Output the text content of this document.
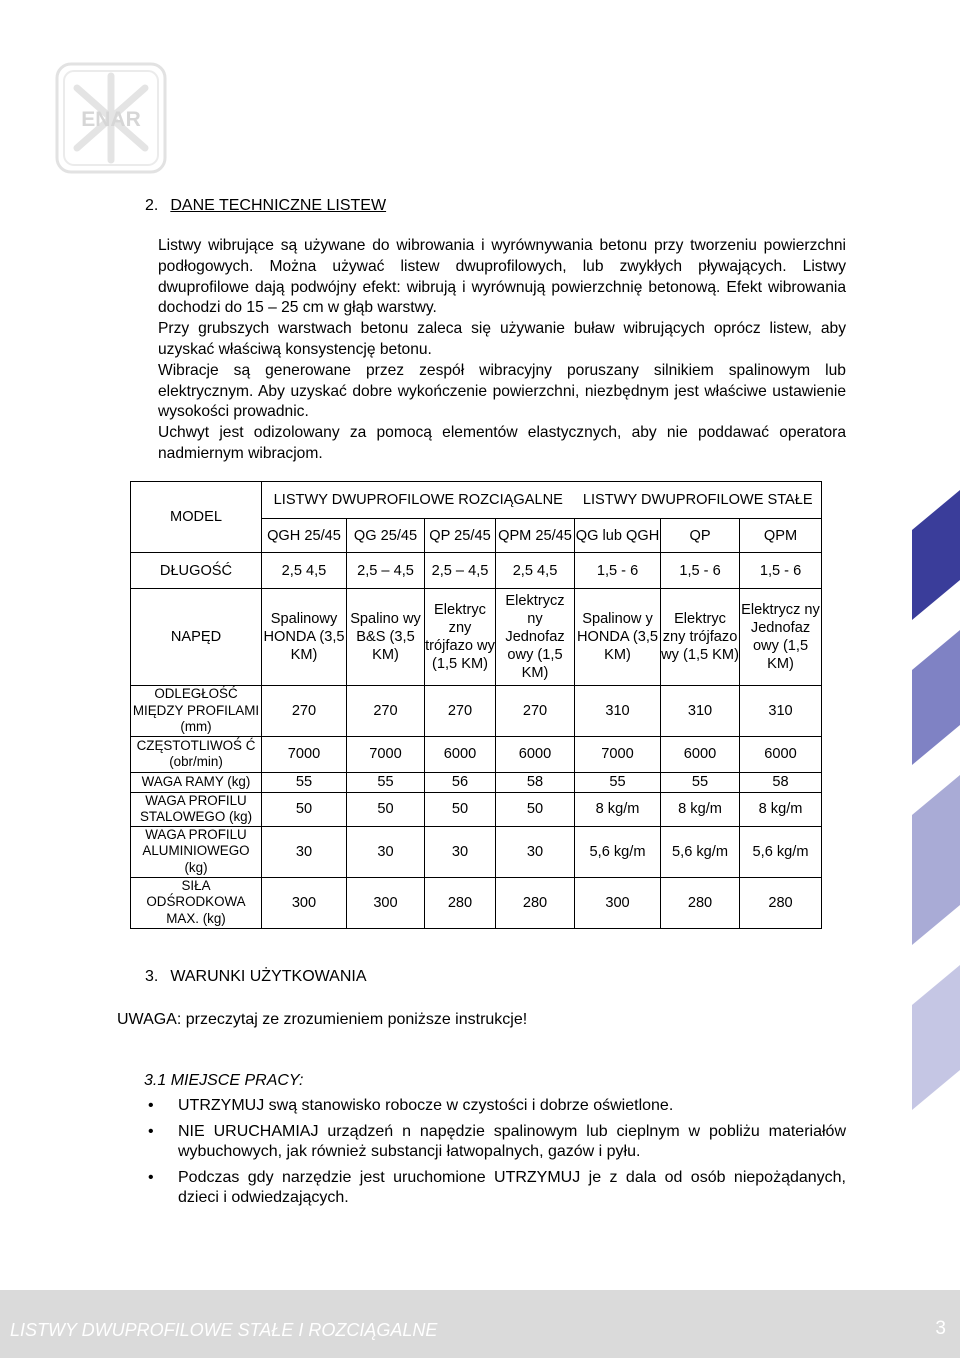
ENAR
2. DANE TECHNICZNE LISTEW

Listwy wibrujące są używane do wibrowania i wyrównywania betonu przy tworzeniu powierzchni podłogowych. Można używać listew dwuprofilowych, lub zwykłych pływających. Listwy dwuprofilowe dają podwójny efekt: wibrują i wyrównują powierzchnię betonową. Efekt wibrowania dochodzi do 15 – 25 cm w głąb warstwy.

Przy grubszych warstwach betonu zaleca się używanie buław wibrujących oprócz listew, aby uzyskać właściwą konsystencję betonu.

Wibracje są generowane przez zespół wibracyjny poruszany silnikiem spalinowym lub elektrycznym. Aby uzyskać dobre wykończenie powierzchni, niezbędnym jest właściwe ustawienie wysokości prowadnic.

Uchwyt jest odizolowany za pomocą elementów elastycznych, aby nie poddawać operatora nadmiernym wibracjom.

MODEL	LISTWY DWUPROFILOWE ROZCIĄGALNE				LISTWY DWUPROFILOWE STAŁE		
	QGH 25/45	QG 25/45	QP 25/45	QPM 25/45	QG lub QGH	QP	QPM
DŁUGOŚĆ	2,5 4,5	2,5 – 4,5	2,5 – 4,5	2,5 4,5	1,5 - 6	1,5 - 6	1,5 - 6
NAPĘD	Spalinowy HONDA (3,5 KM)	Spalino wy B&S (3,5 KM)	Elektryc zny trójfazo wy (1,5 KM)	Elektrycz ny Jednofaz owy (1,5 KM)	Spalinow y HONDA (3,5 KM)	Elektryc zny trójfazo wy (1,5 KM)	Elektrycz ny Jednofaz owy (1,5 KM)
ODLEGŁOŚĆ MIĘDZY PROFILAMI (mm)	270	270	270	270	310	310	310
CZĘSTOTLIWOŚ Ć (obr/min)	7000	7000	6000	6000	7000	6000	6000
WAGA RAMY (kg)	55	55	56	58	55	55	58
WAGA PROFILU STALOWEGO (kg)	50	50	50	50	8 kg/m	8 kg/m	8 kg/m
WAGA PROFILU ALUMINIOWEGO (kg)	30	30	30	30	5,6 kg/m	5,6 kg/m	5,6 kg/m
SIŁA ODŚRODKOWA MAX. (kg)	300	300	280	280	300	280	280
3. WARUNKI UŻYTKOWANIA
UWAGA: przeczytaj ze zrozumieniem poniższe instrukcje!
3.1 MIEJSCE PRACY:
• UTRZYMUJ swą stanowisko robocze w czystości i dobrze oświetlone.
• NIE URUCHAMIAJ urządzeń n napędzie spalinowym lub cieplnym w pobliżu materiałów wybuchowych, jak również substancji łatwopalnych, gazów i pyłu.
• Podczas gdy narzędzie jest uruchomione UTRZYMUJ je z dala od osób niepożądanych, dzieci i odwiedzających.
LISTWY DWUPROFILOWE STAŁE I ROZCIĄGALNE	3
